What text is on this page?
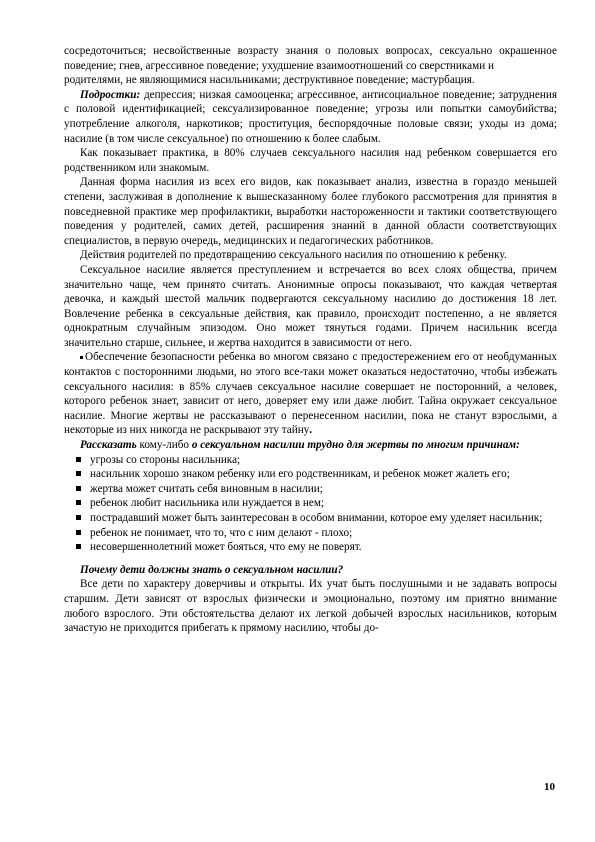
сосредоточиться; несвойственные возрасту знания о половых вопросах, сексуально окрашенное поведение; гнев, агрессивное поведение; ухудшение взаимоотношений со сверстниками и

родителями, не являющимися насильниками; деструктивное поведение; мастурбация.

Подростки: депрессия; низкая самооценка; агрессивное, антисоциальное поведение; затруднения с половой идентификацией; сексуализированное поведение; угрозы или попытки самоубийства; употребление алкоголя, наркотиков; проституция, беспорядочные половые связи; уходы из дома; насилие (в том числе сексуальное) по отношению к более слабым.

Как показывает практика, в 80% случаев сексуального насилия над ребенком совершается его родственником или знакомым.

Данная форма насилия из всех его видов, как показывает анализ, известна в гораздо меньшей степени, заслуживая в дополнение к вышесказанному более глубокого рассмотрения для принятия в повседневной практике мер профилактики, выработки настороженности и тактики соответствующего поведения у родителей, самих детей, расширения знаний в данной области соответствующих специалистов, в первую очередь, медицинских и педагогических работников.

Действия родителей по предотвращению сексуального насилия по отношению к ребенку.

Сексуальное насилие является преступлением и встречается во всех слоях общества, причем значительно чаще, чем принято считать. Анонимные опросы показывают, что каждая четвертая девочка, и каждый шестой мальчик подвергаются сексуальному насилию до достижения 18 лет. Вовлечение ребенка в сексуальные действия, как правило, происходит постепенно, а не является однократным случайным эпизодом. Оно может тянуться годами. Причем насильник всегда значительно старше, сильнее, и жертва находится в зависимости от него.

Обеспечение безопасности ребенка во многом связано с предостережением его от необдуманных контактов с посторонними людьми, но этого все-таки может оказаться недостаточно, чтобы избежать сексуального насилия: в 85% случаев сексуальное насилие совершает не посторонний, а человек, которого ребенок знает, зависит от него, доверяет ему или даже любит. Тайна окружает сексуальное насилие. Многие жертвы не рассказывают о перенесенном насилии, пока не станут взрослыми, а некоторые из них никогда не раскрывают эту тайну.

Рассказать кому-либо о сексуальном насилии трудно для жертвы по многим причинам:

угрозы со стороны насильника;
насильник хорошо знаком ребенку или его родственникам, и ребенок может жалеть его;
жертва может считать себя виновным в насилии;
ребенок любит насильника или нуждается в нем;
пострадавший может быть заинтересован в особом внимании, которое ему уделяет насильник;
ребенок не понимает, что то, что с ним делают - плохо;
несовершеннолетний может бояться, что ему не поверят.

Почему дети должны знать о сексуальном насилии?

Все дети по характеру доверчивы и открыты. Их учат быть послушными и не задавать вопросы старшим. Дети зависят от взрослых физически и эмоционально, поэтому им приятно внимание любого взрослого. Эти обстоятельства делают их легкой добычей взрослых насильников, которым зачастую не приходится прибегать к прямому насилию, чтобы до-

10
